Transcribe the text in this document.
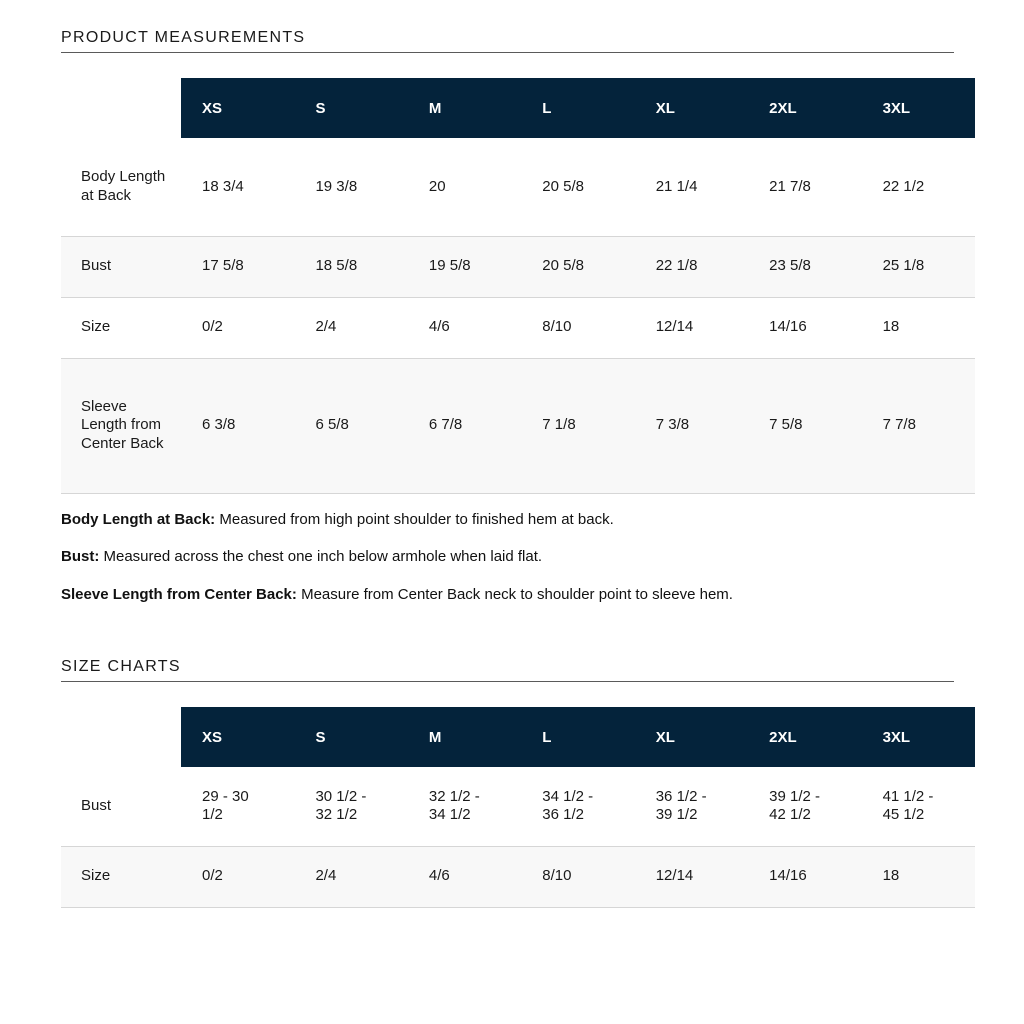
PRODUCT MEASUREMENTS
	XS	S	M	L	XL	2XL	3XL
Body Length at Back	18 3/4	19 3/8	20	20 5/8	21 1/4	21 7/8	22 1/2
Bust	17 5/8	18 5/8	19 5/8	20 5/8	22 1/8	23 5/8	25 1/8
Size	0/2	2/4	4/6	8/10	12/14	14/16	18
Sleeve Length from Center Back	6 3/8	6 5/8	6 7/8	7 1/8	7 3/8	7 5/8	7 7/8

Body Length at Back: Measured from high point shoulder to finished hem at back.

Bust: Measured across the chest one inch below armhole when laid flat.

Sleeve Length from Center Back: Measure from Center Back neck to shoulder point to sleeve hem.

SIZE CHARTS
	XS	S	M	L	XL	2XL	3XL
Bust	29 - 30 1/2	30 1/2 - 32 1/2	32 1/2 - 34 1/2	34 1/2 - 36 1/2	36 1/2 - 39 1/2	39 1/2 - 42 1/2	41 1/2 - 45 1/2
Size	0/2	2/4	4/6	8/10	12/14	14/16	18
